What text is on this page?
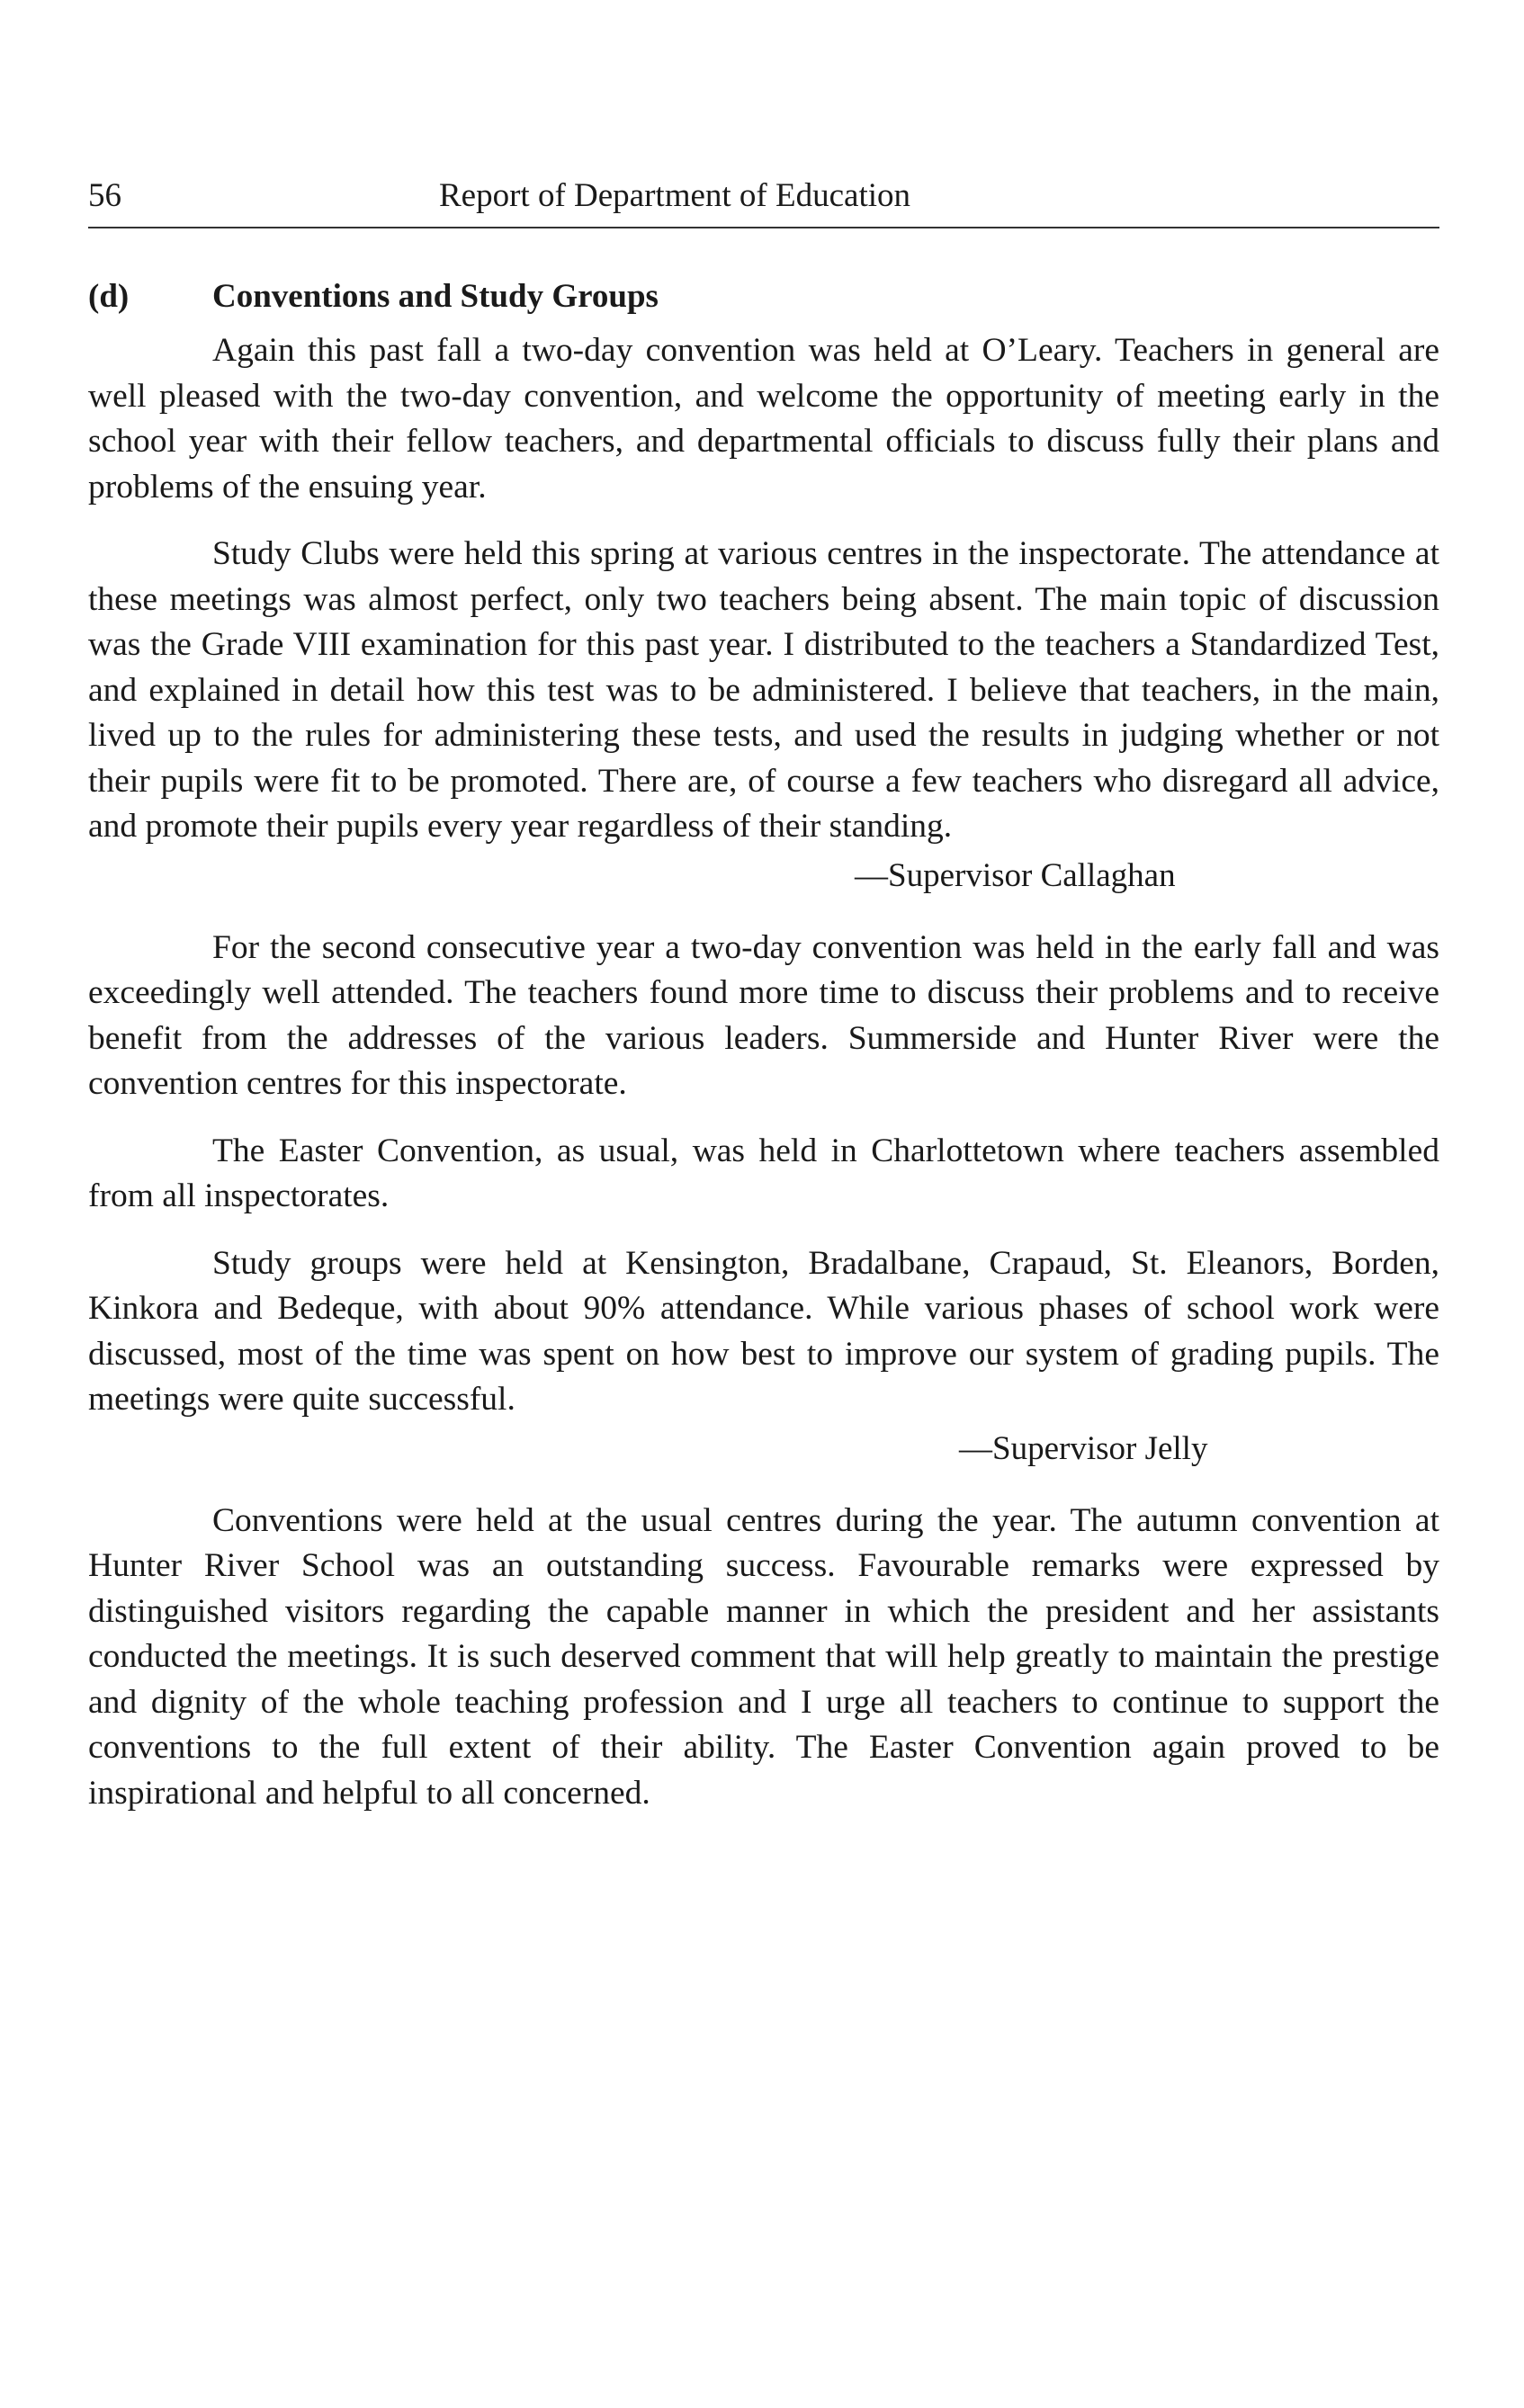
56	Report of Department of Education
(d)	Conventions and Study Groups

Again this past fall a two-day convention was held at O’Leary. Teachers in general are well pleased with the two-day convention, and welcome the opportunity of meeting early in the school year with their fellow teachers, and departmental officials to discuss fully their plans and problems of the ensuing year.

Study Clubs were held this spring at various centres in the inspectorate. The attendance at these meetings was almost perfect, only two teachers being absent. The main topic of discussion was the Grade VIII examination for this past year. I distributed to the teachers a Standardized Test, and explained in detail how this test was to be administered. I believe that teachers, in the main, lived up to the rules for administering these tests, and used the results in judging whether or not their pupils were fit to be promoted. There are, of course a few teachers who disregard all advice, and promote their pupils every year regardless of their standing.

—Supervisor Callaghan

For the second consecutive year a two-day convention was held in the early fall and was exceedingly well attended. The teachers found more time to discuss their problems and to receive benefit from the addresses of the various leaders. Summerside and Hunter River were the convention centres for this inspectorate.

The Easter Convention, as usual, was held in Charlottetown where teachers assembled from all inspectorates.

Study groups were held at Kensington, Bradalbane, Crapaud, St. Eleanors, Borden, Kinkora and Bedeque, with about 90% attendance. While various phases of school work were discussed, most of the time was spent on how best to improve our system of grading pupils. The meetings were quite successful.

—Supervisor Jelly

Conventions were held at the usual centres during the year. The autumn convention at Hunter River School was an outstanding success. Favourable remarks were expressed by distinguished visitors regarding the capable manner in which the president and her assistants conducted the meetings. It is such deserved comment that will help greatly to maintain the prestige and dignity of the whole teaching profession and I urge all teachers to continue to support the conventions to the full extent of their ability. The Easter Convention again proved to be inspirational and helpful to all concerned.
